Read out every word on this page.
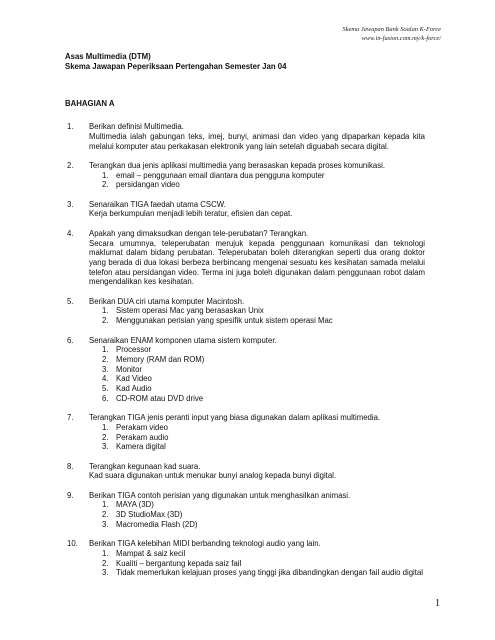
Skema Jawapan Bank Soalan K-Force
www.in-fusion.com.my/k-force/
Asas Multimedia (DTM)
Skema Jawapan Peperiksaan Pertengahan Semester Jan 04
BAHAGIAN A
1.	Berikan definisi Multimedia.
Multimedia ialah gabungan teks, imej, bunyi, animasi dan video yang dipaparkan kepada kita melalui komputer atau perkakasan elektronik yang lain setelah diguabah secara digital.
2.	Terangkan dua jenis aplikasi multimedia yang berasaskan kepada proses komunikasi.
1. email – penggunaan email diantara dua pengguna komputer
2. persidangan video
3.	Senaraikan TIGA faedah utama CSCW.
Kerja berkumpulan menjadi lebih teratur, efisien dan cepat.
4.	Apakah yang dimaksudkan dengan tele-perubatan? Terangkan.
Secara umumnya, teleperubatan merujuk kepada penggunaan komunikasi dan teknologi maklumat dalam bidang perubatan. Teleperubatan boleh diterangkan seperti dua orang doktor yang berada di dua lokasi berbeza berbincang mengenai sesuatu kes kesihatan samada melalui telefon atau persidangan video. Terma ini juga boleh digunakan dalam penggunaan robot dalam mengendalikan kes kesihatan.
5.	Berikan DUA ciri utama komputer Macintosh.
1. Sistem operasi Mac yang berasaskan Unix
2. Menggunakan perisian yang spesifik untuk sistem operasi Mac
6.	Senaraikan ENAM komponen utama sistem komputer.
1. Processor
2. Memory (RAM dan ROM)
3. Monitor
4. Kad Video
5. Kad Audio
6. CD-ROM atau DVD drive
7.	Terangkan TIGA jenis peranti input yang biasa digunakan dalam aplikasi multimedia.
1. Perakam video
2. Perakam audio
3. Kamera digital
8.	Terangkan kegunaan kad suara.
Kad suara digunakan untuk menukar bunyi analog kepada bunyi digital.
9.	Berikan TIGA contoh perisian yang digunakan untuk menghasilkan animasi.
1. MAYA (3D)
2. 3D StudioMax (3D)
3. Macromedia Flash (2D)
10.	Berikan TIGA kelebihan MIDI berbanding teknologi audio yang lain.
1. Mampat & saiz kecil
2. Kualiti – bergantung kepada saiz fail
3. Tidak memerlukan kelajuan proses yang tinggi jika dibandingkan dengan fail audio digital
1
